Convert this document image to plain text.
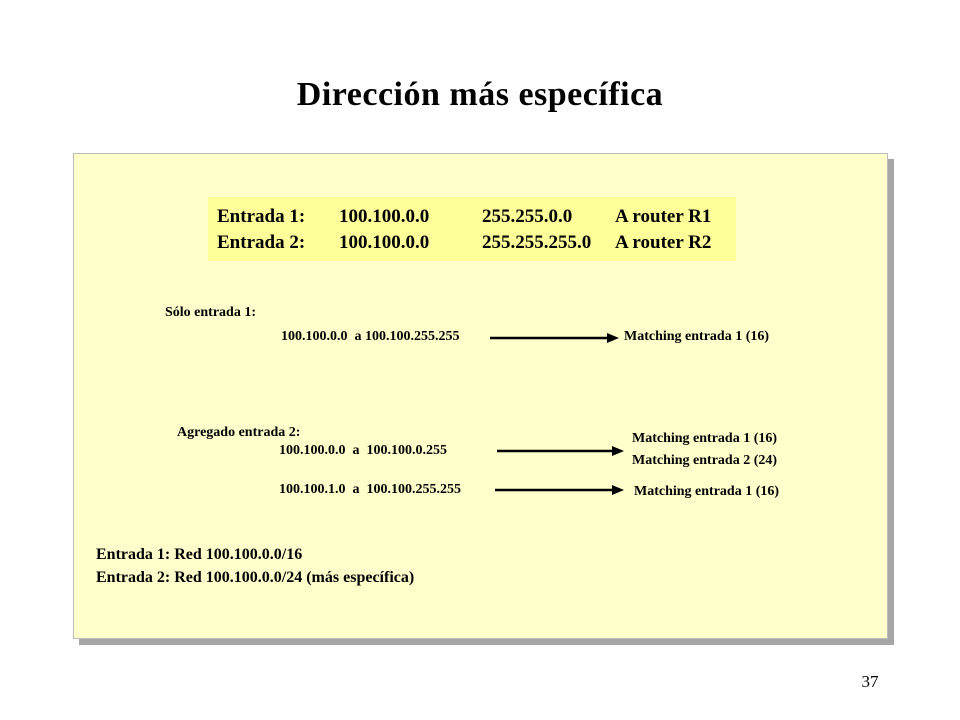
Dirección más específica
Entrada 1: 100.100.0.0	255.255.0.0 A router R1
Entrada 2: 100.100.0.0	255.255.255.0 A router R2
Sólo entrada 1:
100.100.0.0  a 100.100.255.255	Matching entrada 1 (16)
Agregado entrada 2:
100.100.0.0  a  100.100.0.255
Matching entrada 1 (16)
Matching entrada 2 (24)
100.100.1.0  a  100.100.255.255	Matching entrada 1 (16)
Entrada 1: Red 100.100.0.0/16
Entrada 2: Red 100.100.0.0/24 (más específica)
37
